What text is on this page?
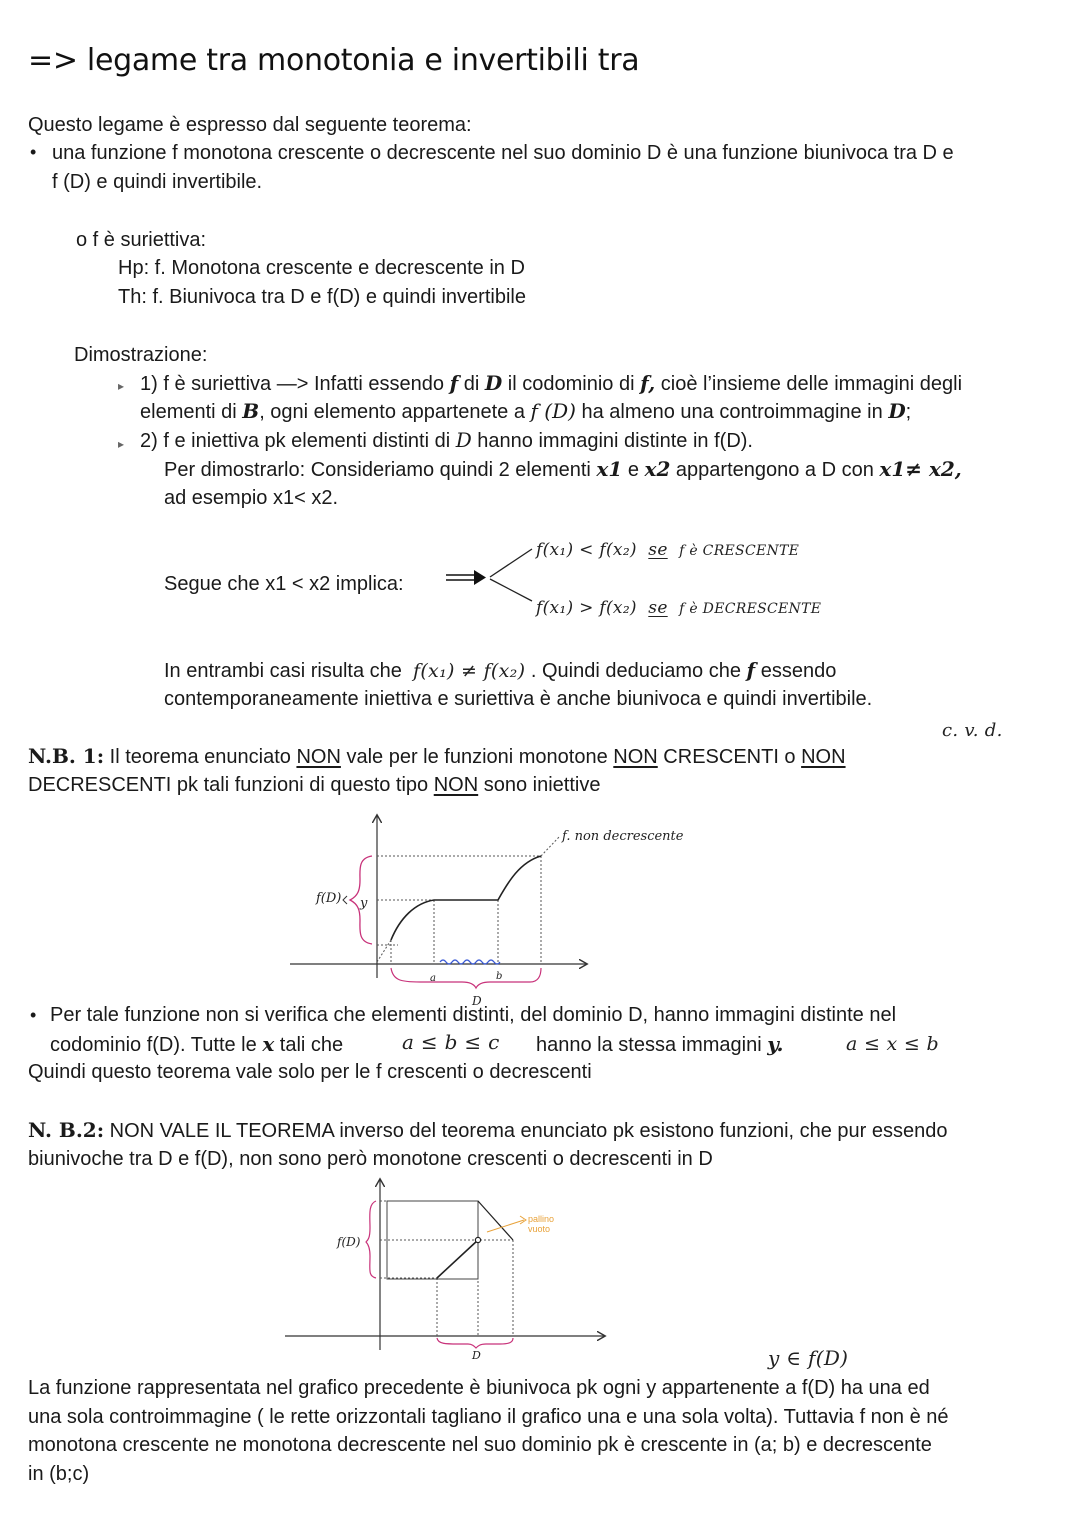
=> legame tra monotonia e invertibili tra
Questo legame è espresso dal seguente teorema:
• una funzione f monotona crescente o decrescente nel suo dominio D è una funzione biunivoca tra D e
f (D) e quindi invertibile.
o f è suriettiva:
Hp: f. Monotona crescente e decrescente in D
Th: f. Biunivoca tra D e f(D) e quindi invertibile
Dimostrazione:
▸ 1) f è suriettiva —> Infatti essendo f di D il codominio di f, cioè l’insieme delle immagini degli
elementi di B, ogni elemento appartenete a f (D) ha almeno una controimmagine in D;
▸ 2) f e iniettiva pk elementi distinti di D hanno immagini distinte in f(D).
Per dimostrarlo: Consideriamo quindi 2 elementi x1 e x2 appartengono a D con x1≠ x2,
ad esempio x1< x2.
Segue che x1 < x2 implica:
f(x₁) < f(x₂) se f è CRESCENTE
f(x₁) > f(x₂) se f è DECRESCENTE
In entrambi casi risulta che f(x₁) ≠ f(x₂) . Quindi deduciamo che f essendo
contemporaneamente iniettiva e suriettiva è anche biunivoca e quindi invertibile.
c. v. d.
N.B. 1: Il teorema enunciato NON vale per le funzioni monotone NON CRESCENTI o NON
DECRESCENTI pk tali funzioni di questo tipo NON sono iniettive
f. non decrescente
f(D) y
a	b
D
• Per tale funzione non si verifica che elementi distinti, del dominio D, hanno immagini distinte nel
codominio f(D). Tutte le x tali che	a ≤ b ≤ c hanno la stessa immagini y.	a ≤ x ≤ b
Quindi questo teorema vale solo per le f crescenti o decrescenti
N. B.2: NON VALE IL TEOREMA inverso del teorema enunciato pk esistono funzioni, che pur essendo
biunivoche tra D e f(D), non sono però monotone crescenti o decrescenti in D
f(D)
pallino vuoto
D	y ∈ f(D)
La funzione rappresentata nel grafico precedente è biunivoca pk ogni y appartenente a f(D) ha una ed
una sola controimmagine ( le rette orizzontali tagliano il grafico una e una sola volta). Tuttavia f non è né
monotona crescente ne monotona decrescente nel suo dominio pk è crescente in (a; b) e decrescente
in (b;c)
